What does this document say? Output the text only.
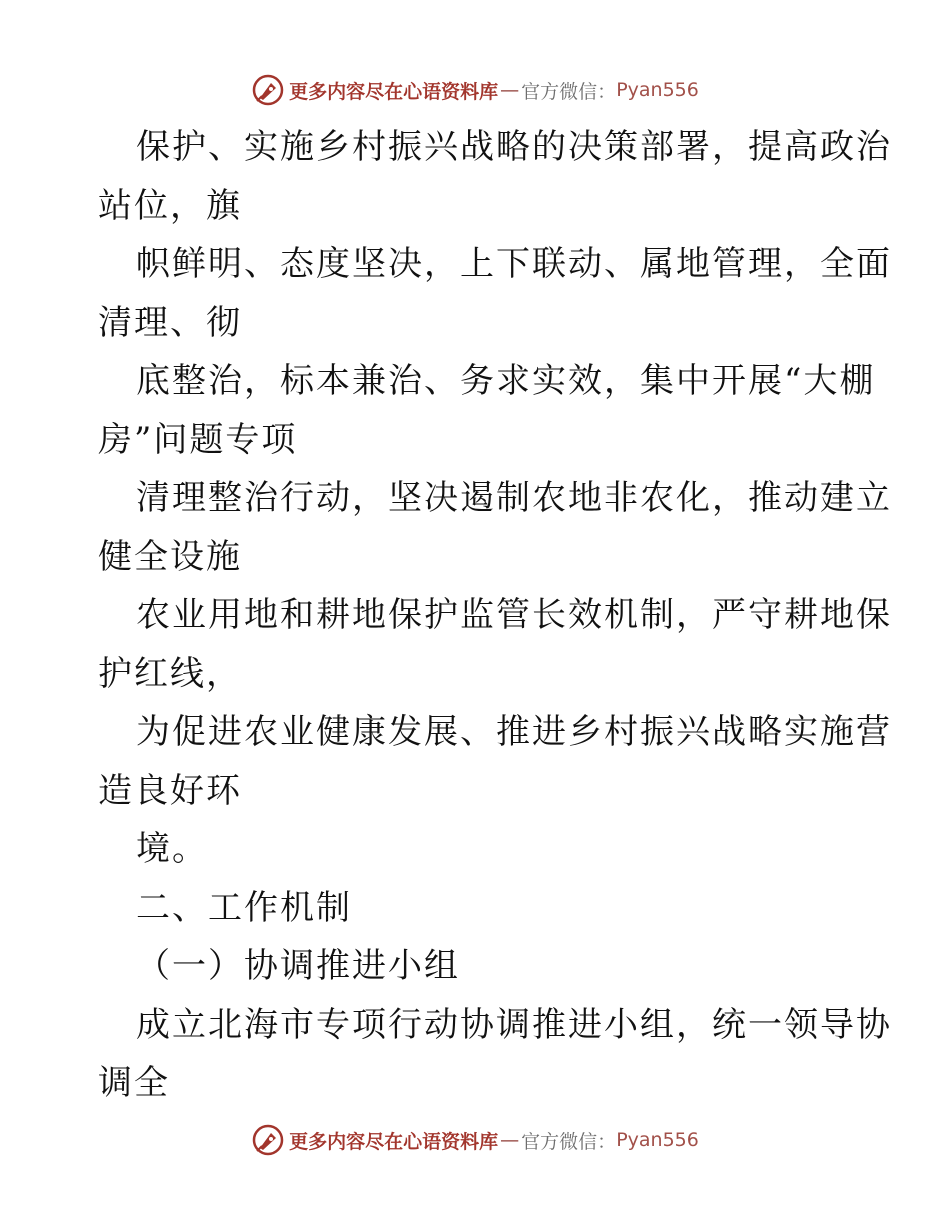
更多内容尽在心语资料库 — 官方微信： Pyan556
保护、实施乡村振兴战略的决策部署，提高政治
站位，旗
帜鲜明、态度坚决，上下联动、属地管理，全面
清理、彻
底整治，标本兼治、务求实效，集中开展“大棚
房”问题专项
清理整治行动，坚决遏制农地非农化，推动建立
健全设施
农业用地和耕地保护监管长效机制，严守耕地保
护红线，
为促进农业健康发展、推进乡村振兴战略实施营
造良好环
境。
二、工作机制
（一）协调推进小组
成立北海市专项行动协调推进小组，统一领导协
调全
更多内容尽在心语资料库 — 官方微信： Pyan556
